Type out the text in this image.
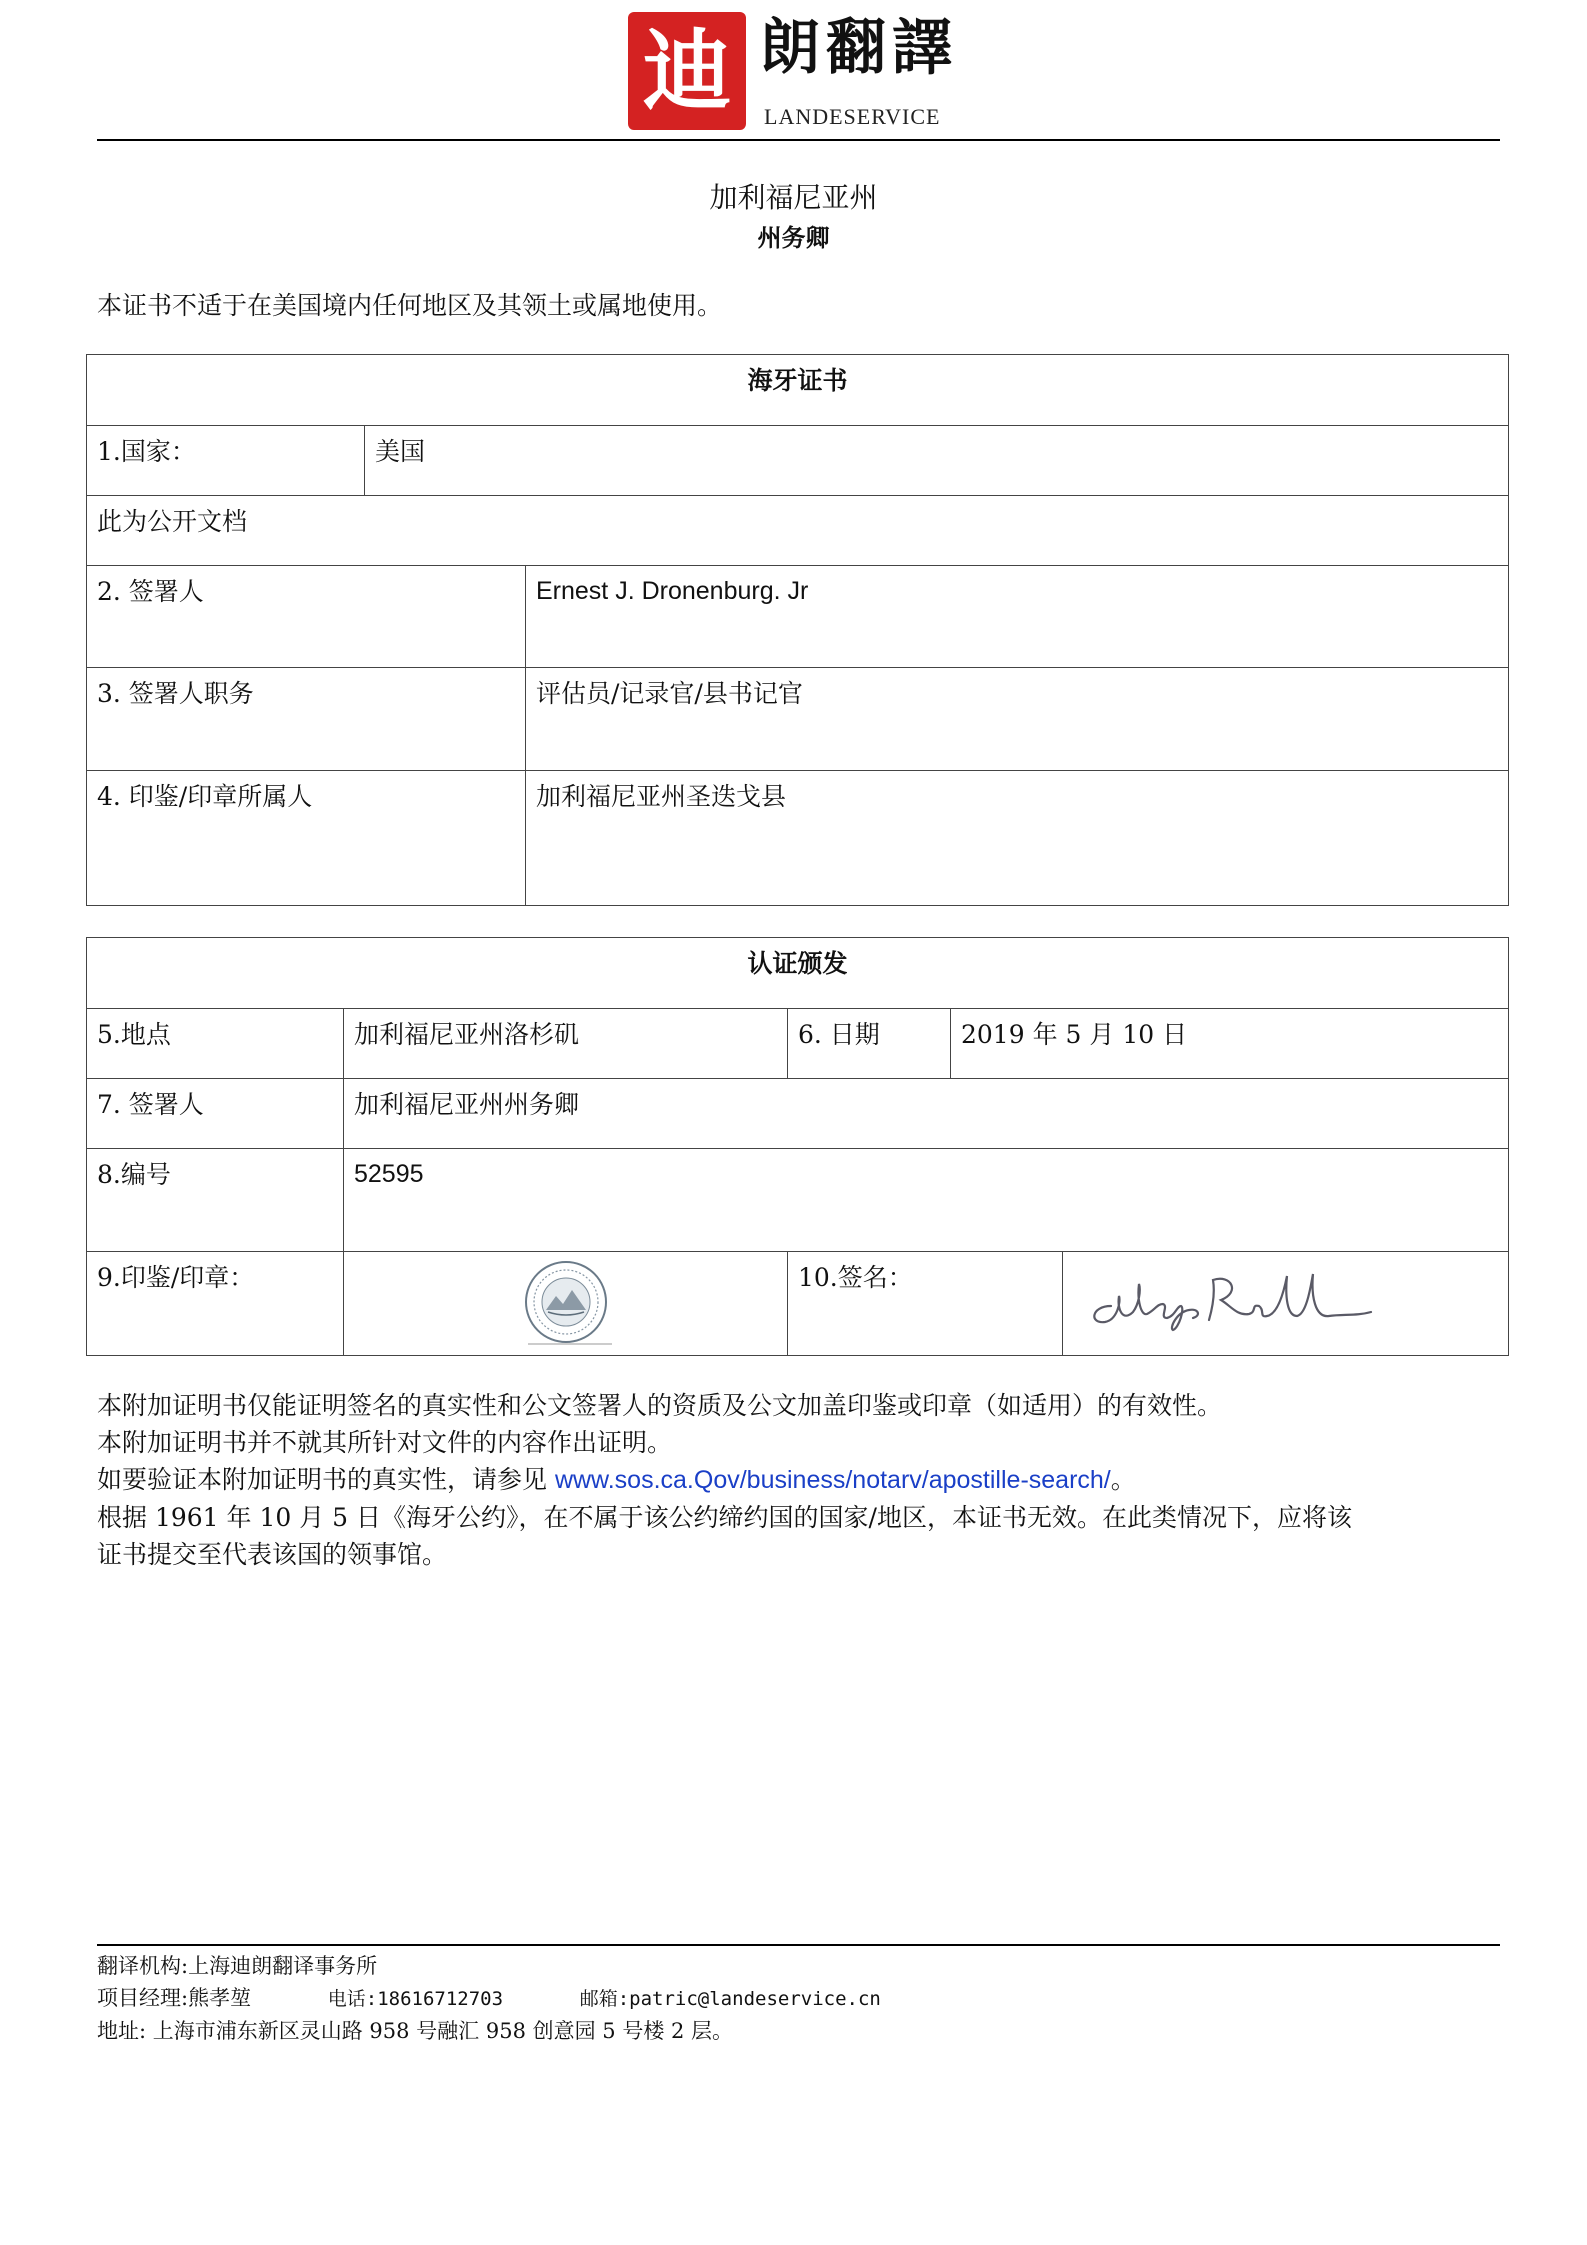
迪 朗翻譯
LANDESERVICE
加利福尼亚州
州务卿
本证书不适于在美国境内任何地区及其领土或属地使用。
海牙证书
1.国家：	美国
此为公开文档
2. 签署人	Ernest J. Dronenburg. Jr
3. 签署人职务	评估员/记录官/县书记官
4. 印鉴/印章所属人	加利福尼亚州圣迭戈县
认证颁发
5.地点	加利福尼亚州洛杉矶	6. 日期	2019 年 5 月 10 日
7. 签署人	加利福尼亚州州务卿
8.编号	52595
9.印鉴/印章：	10.签名：

本附加证明书仅能证明签名的真实性和公文签署人的资质及公文加盖印鉴或印章（如适用）的有效性。

本附加证明书并不就其所针对文件的内容作出证明。

如要验证本附加证明书的真实性，请参见 www.sos.ca.Qov/business/notarv/apostille-search/。

根据 1961 年 10 月 5 日《海牙公约》，在不属于该公约缔约国的国家/地区，本证书无效。在此类情况下，应将该

证书提交至代表该国的领事馆。

翻译机构:上海迪朗翻译事务所

项目经理:熊孝堃	电话:18616712703	邮箱:patric@landeservice.cn

地址: 上海市浦东新区灵山路 958 号融汇 958 创意园 5 号楼 2 层。
